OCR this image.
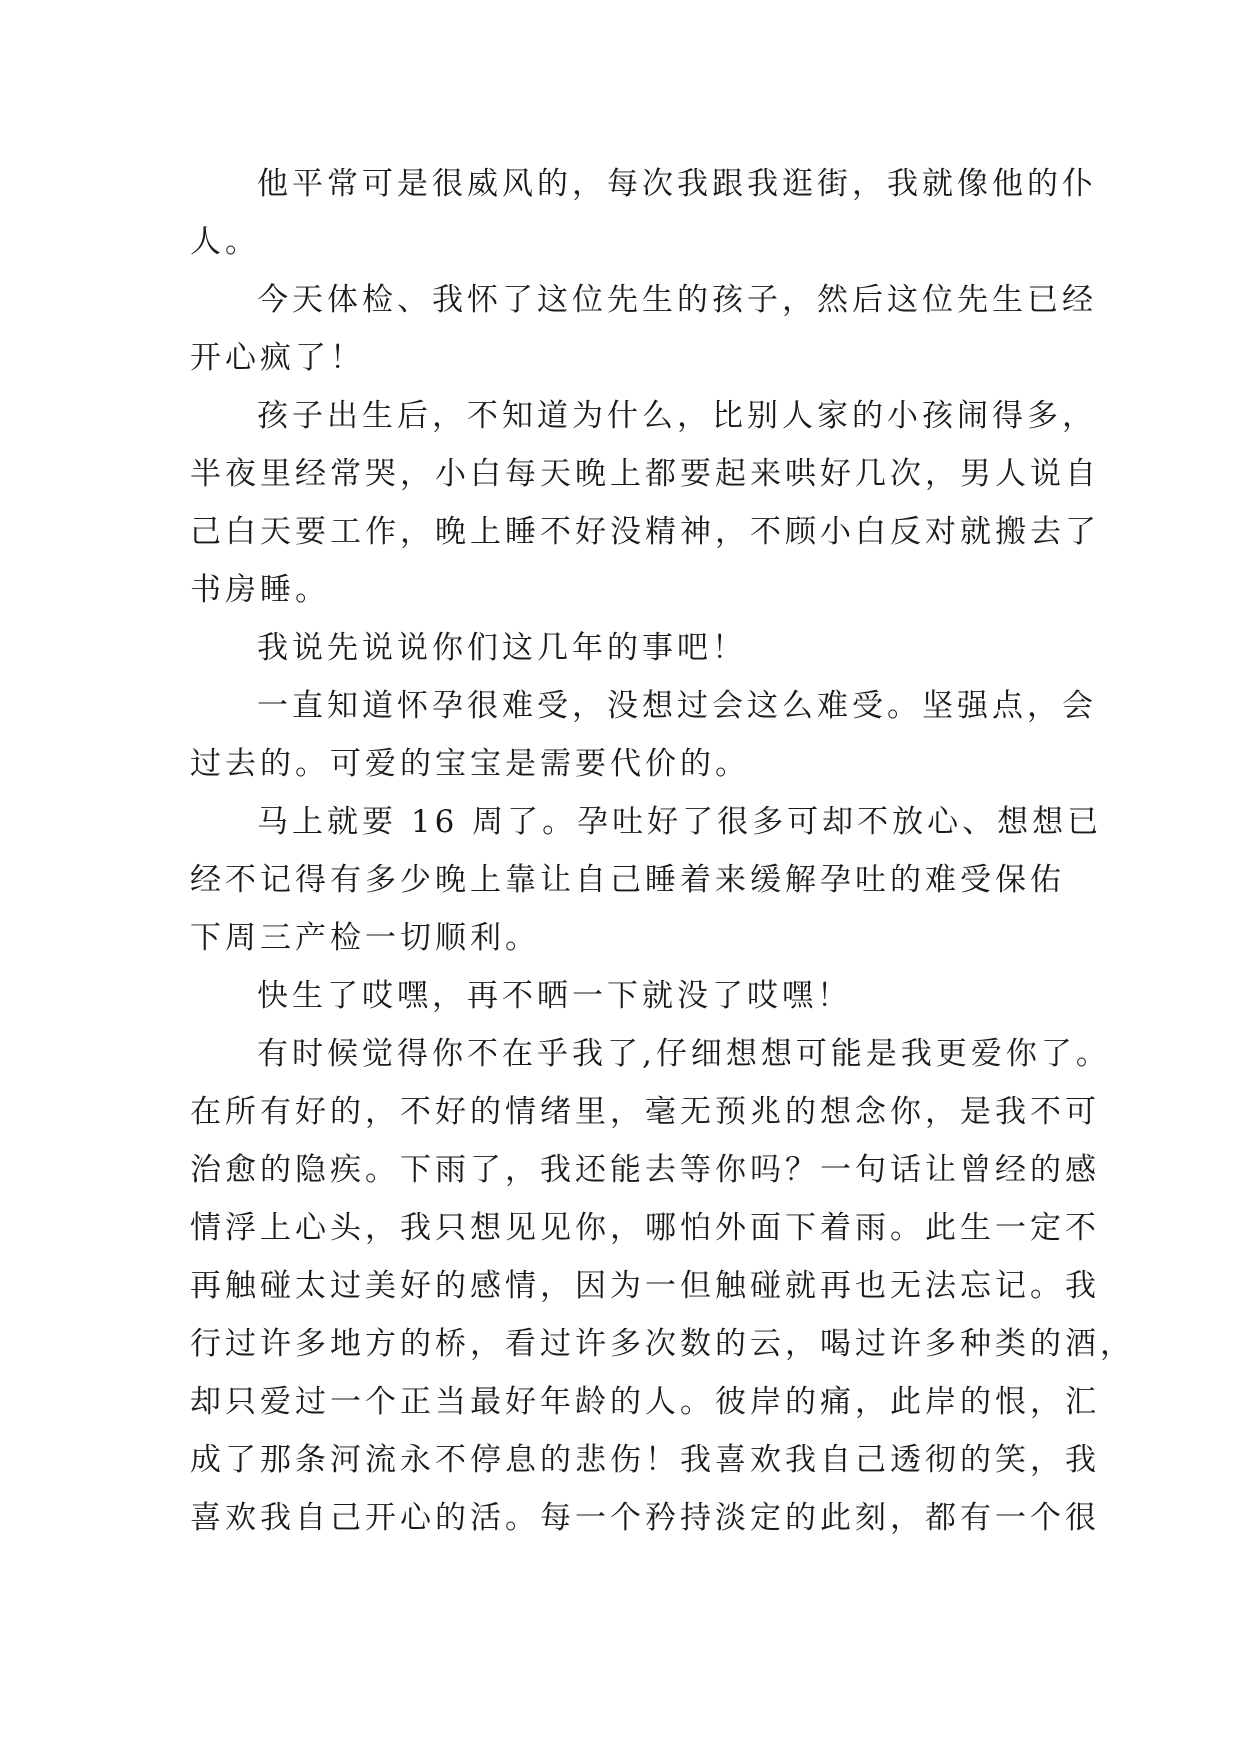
他平常可是很威风的，每次我跟我逛街，我就像他的仆
人。
今天体检、我怀了这位先生的孩子，然后这位先生已经
开心疯了！
孩子出生后，不知道为什么，比别人家的小孩闹得多，
半夜里经常哭，小白每天晚上都要起来哄好几次，男人说自
己白天要工作，晚上睡不好没精神，不顾小白反对就搬去了
书房睡。
我说先说说你们这几年的事吧！
一直知道怀孕很难受，没想过会这么难受。坚强点，会
过去的。可爱的宝宝是需要代价的。
马上就要 16 周了。孕吐好了很多可却不放心、想想已
经不记得有多少晚上靠让自己睡着来缓解孕吐的难受保佑
下周三产检一切顺利。
快生了哎嘿，再不晒一下就没了哎嘿！
有时候觉得你不在乎我了,仔细想想可能是我更爱你了。
在所有好的，不好的情绪里，毫无预兆的想念你，是我不可
治愈的隐疾。下雨了，我还能去等你吗？一句话让曾经的感
情浮上心头，我只想见见你，哪怕外面下着雨。此生一定不
再触碰太过美好的感情，因为一但触碰就再也无法忘记。我
行过许多地方的桥，看过许多次数的云，喝过许多种类的酒，
却只爱过一个正当最好年龄的人。彼岸的痛，此岸的恨，汇
成了那条河流永不停息的悲伤！我喜欢我自己透彻的笑，我
喜欢我自己开心的活。每一个矜持淡定的此刻，都有一个很
